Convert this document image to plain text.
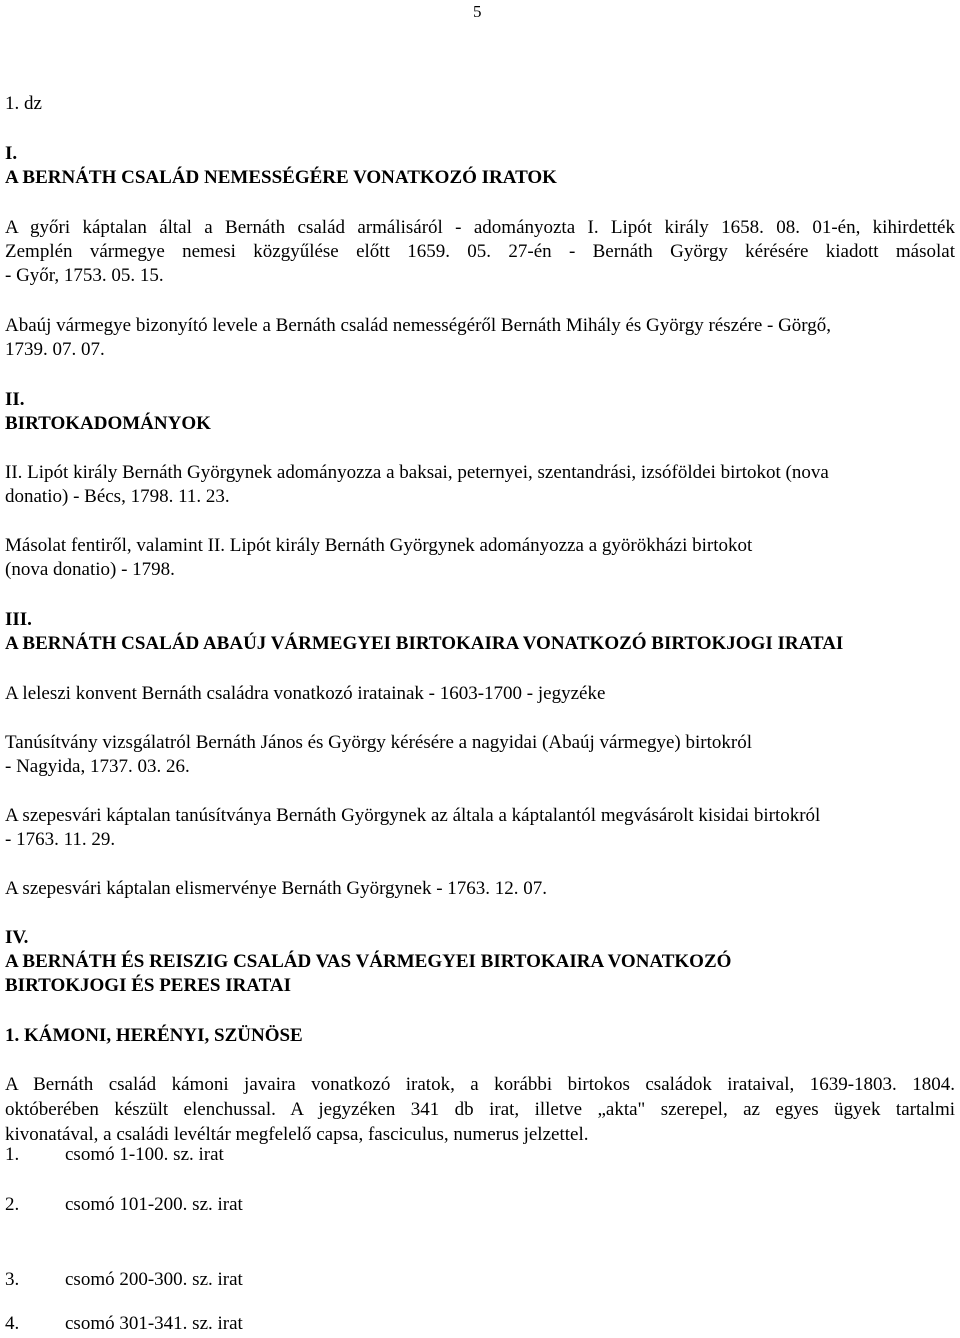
5
1. dz
I.
A BERNÁTH CSALÁD NEMESSÉGÉRE VONATKOZÓ IRATOK
A győri káptalan által a Bernáth család armálisáról - adományozta I. Lipót király 1658. 08. 01-én, kihirdették
Zemplén vármegye nemesi közgyűlése előtt 1659. 05. 27-én - Bernáth György kérésére kiadott másolat
- Győr, 1753. 05. 15.
Abaúj vármegye bizonyító levele a Bernáth család nemességéről Bernáth Mihály és György részére - Görgő,
1739. 07. 07.
II.
BIRTOKADOMÁNYOK
II. Lipót király Bernáth Györgynek adományozza a baksai, peternyei, szentandrási, izsóföldei birtokot (nova
donatio) - Bécs, 1798. 11. 23.
Másolat fentiről, valamint II. Lipót király Bernáth Györgynek adományozza a györökházi birtokot
(nova donatio) - 1798.
III.
A BERNÁTH CSALÁD ABAÚJ VÁRMEGYEI BIRTOKAIRA VONATKOZÓ BIRTOKJOGI IRATAI
A leleszi konvent Bernáth családra vonatkozó iratainak - 1603-1700 - jegyzéke
Tanúsítvány vizsgálatról Bernáth János és György kérésére a nagyidai (Abaúj vármegye) birtokról
- Nagyida, 1737. 03. 26.
A szepesvári káptalan tanúsítványa Bernáth Györgynek az általa a káptalantól megvásárolt kisidai birtokról
- 1763. 11. 29.
A szepesvári káptalan elismervénye Bernáth Györgynek - 1763. 12. 07.
IV.
A BERNÁTH ÉS REISZIG CSALÁD VAS VÁRMEGYEI BIRTOKAIRA VONATKOZÓ
BIRTOKJOGI ÉS PERES IRATAI
1. KÁMONI, HERÉNYI, SZÜNÖSE
A Bernáth család kámoni javaira vonatkozó iratok, a korábbi birtokos családok irataival, 1639-1803. 1804.
októberében készült elenchussal. A jegyzéken 341 db irat, illetve „akta" szerepel, az egyes ügyek tartalmi
kivonatával, a családi levéltár megfelelő capsa, fasciculus, numerus jelzettel.
1. csomó 1-100. sz. irat
2. csomó 101-200. sz. irat
3. csomó 200-300. sz. irat
4. csomó 301-341. sz. irat
